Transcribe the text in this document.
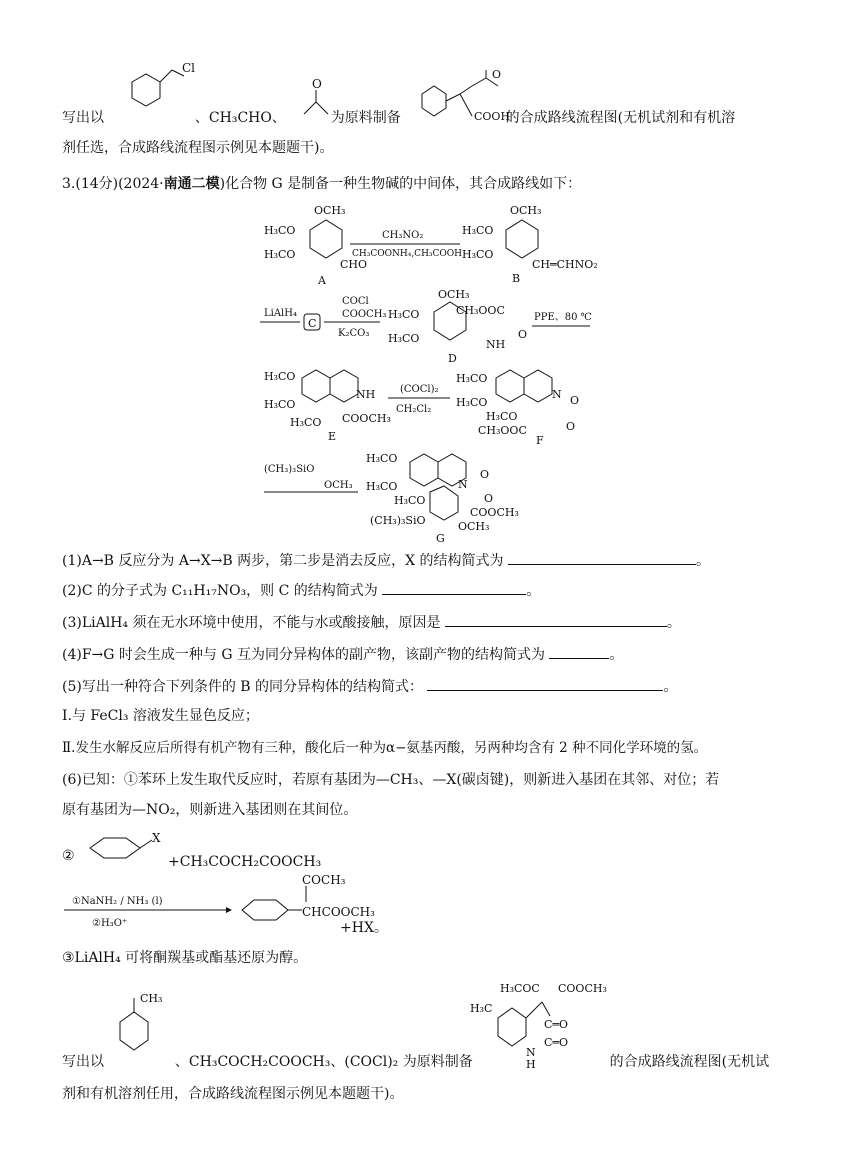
Cl
O
O
COOH
写出以	、CH₃CHO、	为原料制备	的合成路线流程图(无机试剂和有机溶
剂任选，合成路线流程图示例见本题题干)。
3.(14分)(2024·南通二模)化合物 G 是制备一种生物碱的中间体，其合成路线如下：
OCH₃
H₃CO
H₃CO
CHO
A
CH₃NO₂
CH₃COONH₄,CH₃COOH
OCH₃
H₃CO
H₃CO
CH═CHNO₂
B
LiAlH₄
C
COCl
COOCH₃
K₂CO₃
OCH₃
H₃CO
H₃CO
CH₃OOC
NH
O
D
PPE、80 ℃
H₃CO
H₃CO
H₃CO
NH
COOCH₃
E
(COCl)₂
CH₂Cl₂
H₃CO
H₃CO
H₃CO
CH₃OOC
N O
O
F
(CH₃)₃SiO
OCH₃
H₃CO
H₃CO
H₃CO
(CH₃)₃SiO
N
O
O
COOCH₃
OCH₃
G
(1)A→B 反应分为 A→X→B 两步，第二步是消去反应，X 的结构简式为	。
(2)C 的分子式为 C₁₁H₁₇NO₃，则 C 的结构简式为	。
(3)LiAlH₄ 须在无水环境中使用，不能与水或酸接触，原因是	。
(4)F→G 时会生成一种与 G 互为同分异构体的副产物，该副产物的结构简式为	。
(5)写出一种符合下列条件的 B 的同分异构体的结构简式：	。
Ⅰ.与 FeCl₃ 溶液发生显色反应；
Ⅱ.发生水解反应后所得有机产物有三种，酸化后一种为α−氨基丙酸，另两种均含有 2 种不同化学环境的氢。
(6)已知：①苯环上发生取代反应时，若原有基团为—CH₃、—X(碳卤键)，则新进入基团在其邻、对位；若
原有基团为—NO₂，则新进入基团则在其间位。
②
X
+CH₃COCH₂COOCH₃
①NaNH₂ / NH₃ (l)
②H₃O⁺
COCH₃
CHCOOCH₃
+HX。
③LiAlH₄ 可将酮羰基或酯基还原为醇。
CH₃
H₃COC COOCH₃
H₃C
C═O
C═O
N
H
写出以	、CH₃COCH₂COOCH₃、(COCl)₂ 为原料制备	的合成路线流程图(无机试
剂和有机溶剂任用，合成路线流程图示例见本题题干)。
